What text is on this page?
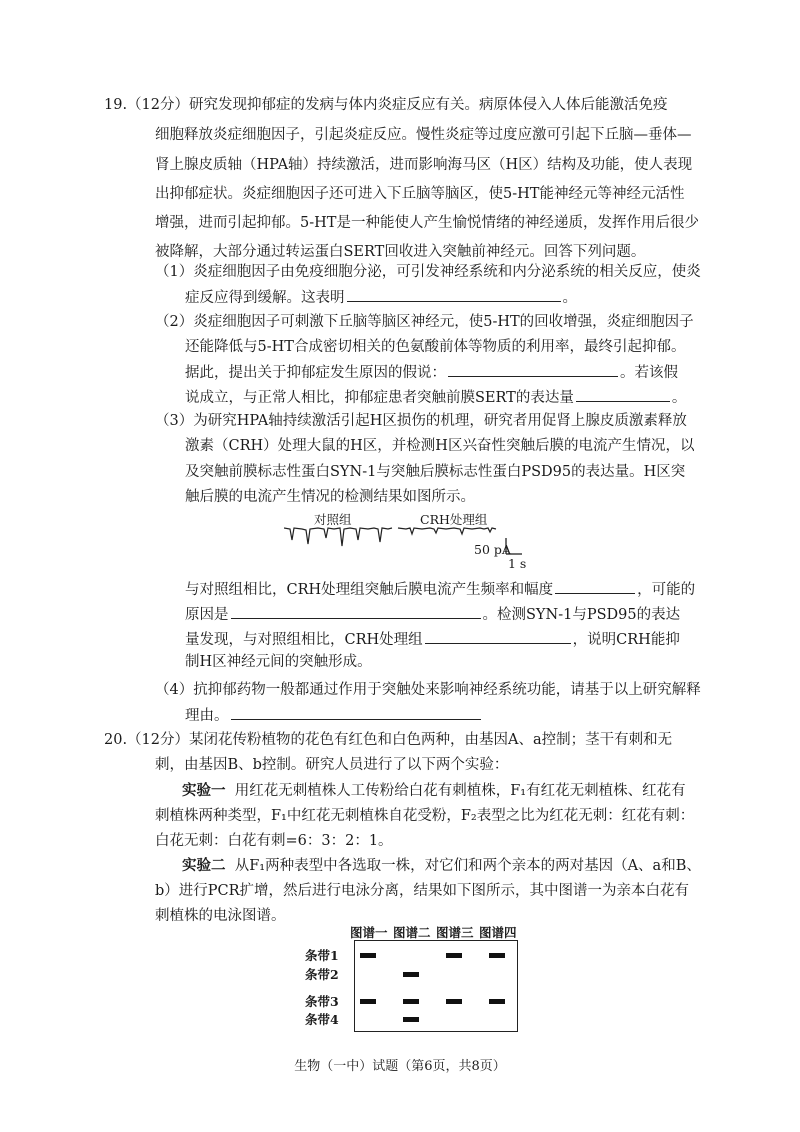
19.（12分）研究发现抑郁症的发病与体内炎症反应有关。病原体侵入人体后能激活免疫
细胞释放炎症细胞因子，引起炎症反应。慢性炎症等过度应激可引起下丘脑—垂体—
肾上腺皮质轴（HPA轴）持续激活，进而影响海马区（H区）结构及功能，使人表现
出抑郁症状。炎症细胞因子还可进入下丘脑等脑区，使5-HT能神经元等神经元活性
增强，进而引起抑郁。5-HT是一种能使人产生愉悦情绪的神经递质，发挥作用后很少
被降解，大部分通过转运蛋白SERT回收进入突触前神经元。回答下列问题。
（1）炎症细胞因子由免疫细胞分泌，可引发神经系统和内分泌系统的相关反应，使炎
症反应得到缓解。这表明	。
（2）炎症细胞因子可刺激下丘脑等脑区神经元，使5-HT的回收增强，炎症细胞因子
还能降低与5-HT合成密切相关的色氨酸前体等物质的利用率，最终引起抑郁。
据此，提出关于抑郁症发生原因的假说：	。若该假
说成立，与正常人相比，抑郁症患者突触前膜SERT的表达量	。
（3）为研究HPA轴持续激活引起H区损伤的机理，研究者用促肾上腺皮质激素释放
激素（CRH）处理大鼠的H区，并检测H区兴奋性突触后膜的电流产生情况，以
及突触前膜标志性蛋白SYN-1与突触后膜标志性蛋白PSD95的表达量。H区突
触后膜的电流产生情况的检测结果如图所示。
对照组	CRH处理组
50 pA
1 s
与对照组相比，CRH处理组突触后膜电流产生频率和幅度	，可能的
原因是	。检测SYN-1与PSD95的表达
量发现，与对照组相比，CRH处理组	，说明CRH能抑
制H区神经元间的突触形成。
（4）抗抑郁药物一般都通过作用于突触处来影响神经系统功能，请基于以上研究解释
理由。
20.（12分）某闭花传粉植物的花色有红色和白色两种，由基因A、a控制；茎干有刺和无
刺，由基因B、b控制。研究人员进行了以下两个实验：
实验一 用红花无刺植株人工传粉给白花有刺植株，F₁有红花无刺植株、红花有
刺植株两种类型，F₁中红花无刺植株自花受粉，F₂表型之比为红花无刺：红花有刺：
白花无刺：白花有刺=6：3：2：1。
实验二 从F₁两种表型中各选取一株，对它们和两个亲本的两对基因（A、a和B、
b）进行PCR扩增，然后进行电泳分离，结果如下图所示，其中图谱一为亲本白花有
刺植株的电泳图谱。
图谱一 图谱二 图谱三 图谱四
条带1
条带2
条带3
条带4
生物（一中）试题（第6页，共8页）
